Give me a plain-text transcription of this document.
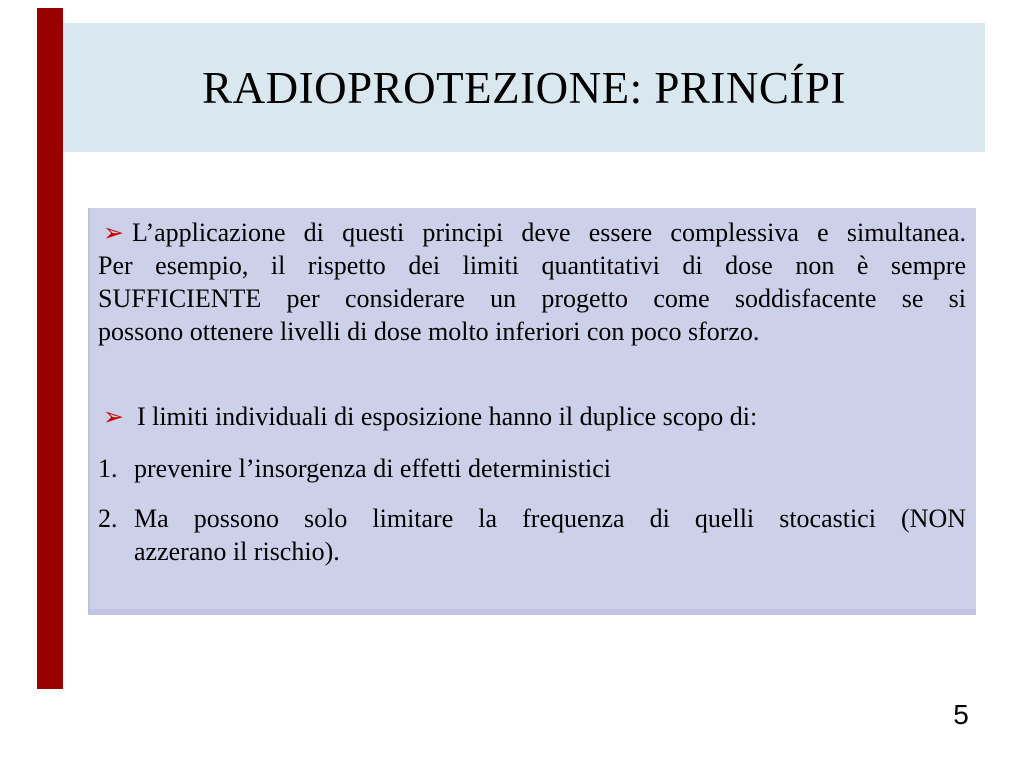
RADIOPROTEZIONE: PRINCÍPI

➢ L’applicazione di questi principi deve essere complessiva e simultanea.
Per esempio, il rispetto dei limiti quantitativi di dose non è sempre
SUFFICIENTE per considerare un progetto come soddisfacente se si
possono ottenere livelli di dose molto inferiori con poco sforzo.

➢ I limiti individuali di esposizione hanno il duplice scopo di:

1. prevenire l’insorgenza di effetti deterministici
2. Ma possono solo limitare la frequenza di quelli stocastici (NON
azzerano il rischio).
5
